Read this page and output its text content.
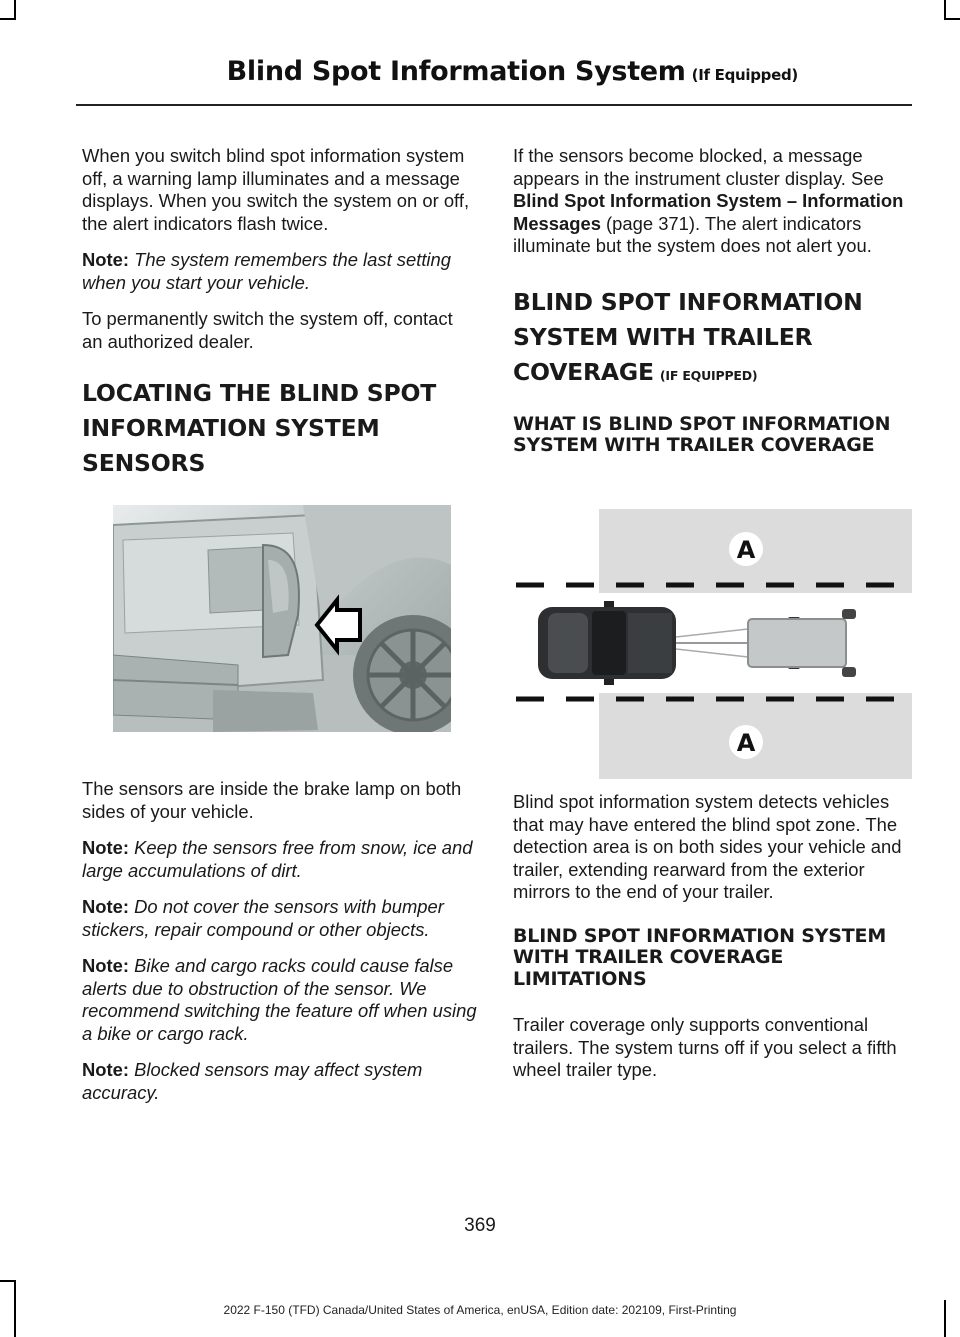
Blind Spot Information System (If Equipped)

When you switch blind spot information system off, a warning lamp illuminates and a message displays. When you switch the system on or off, the alert indicators flash twice.

Note: The system remembers the last setting when you start your vehicle.

To permanently switch the system off, contact an authorized dealer.

LOCATING THE BLIND SPOT
INFORMATION SYSTEM
SENSORS

The sensors are inside the brake lamp on both sides of your vehicle.

Note: Keep the sensors free from snow, ice and large accumulations of dirt.

Note: Do not cover the sensors with bumper stickers, repair compound or other objects.

Note: Bike and cargo racks could cause false alerts due to obstruction of the sensor. We recommend switching the feature off when using a bike or cargo rack.

Note: Blocked sensors may affect system accuracy.

If the sensors become blocked, a message appears in the instrument cluster display. See Blind Spot Information System – Information Messages (page 371). The alert indicators illuminate but the system does not alert you.

BLIND SPOT INFORMATION
SYSTEM WITH TRAILER
COVERAGE (IF EQUIPPED)
WHAT IS BLIND SPOT INFORMATION SYSTEM WITH TRAILER COVERAGE
A
A

Blind spot information system detects vehicles that may have entered the blind spot zone. The detection area is on both sides your vehicle and trailer, extending rearward from the exterior mirrors to the end of your trailer.

BLIND SPOT INFORMATION SYSTEM WITH TRAILER COVERAGE LIMITATIONS

Trailer coverage only supports conventional trailers. The system turns off if you select a fifth wheel trailer type.

369
2022 F-150 (TFD) Canada/United States of America, enUSA, Edition date: 202109, First-Printing
